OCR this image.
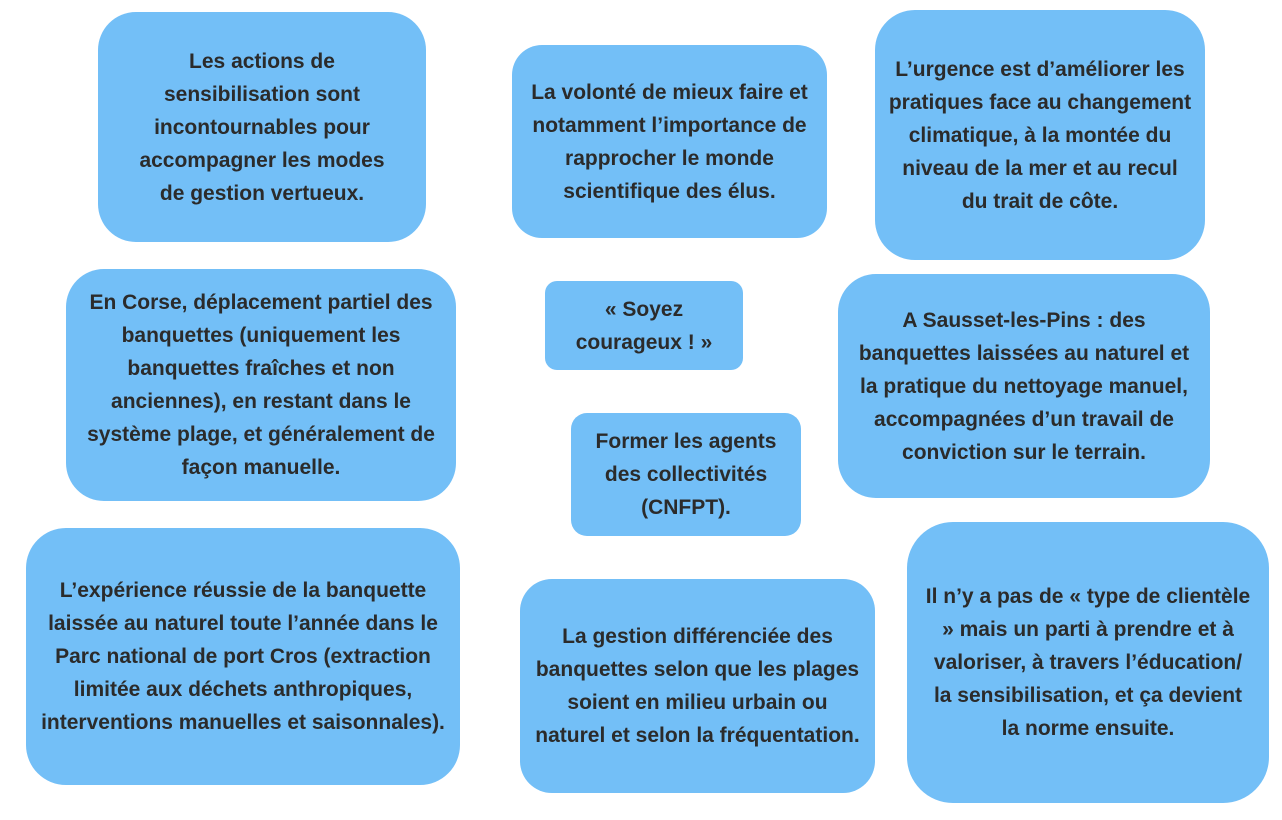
Les actions de sensibilisation sont incontournables pour accompagner les modes de gestion vertueux.
La volonté de mieux faire et notamment l’importance de rapprocher le monde scientifique des élus.
L’urgence est d’améliorer les pratiques face au changement climatique, à la montée du niveau de la mer et au recul du trait de côte.
En Corse, déplacement partiel des banquettes (uniquement les banquettes fraîches et non anciennes), en restant dans le système plage, et généralement de façon manuelle.
« Soyez courageux ! »
A Sausset-les-Pins : des banquettes laissées au naturel et la pratique du nettoyage manuel, accompagnées d’un travail de conviction sur le terrain.
Former les agents des collectivités (CNFPT).
L’expérience réussie de la banquette laissée au naturel toute l’année dans le Parc national de port Cros (extraction limitée aux déchets anthropiques, interventions manuelles et saisonnales).
La gestion différenciée des banquettes selon que les plages soient en milieu urbain ou naturel et selon la fréquentation.
Il n’y a pas de « type de clientèle » mais un parti à prendre et à valoriser, à travers l’éducation/ la sensibilisation, et ça devient la norme ensuite.
